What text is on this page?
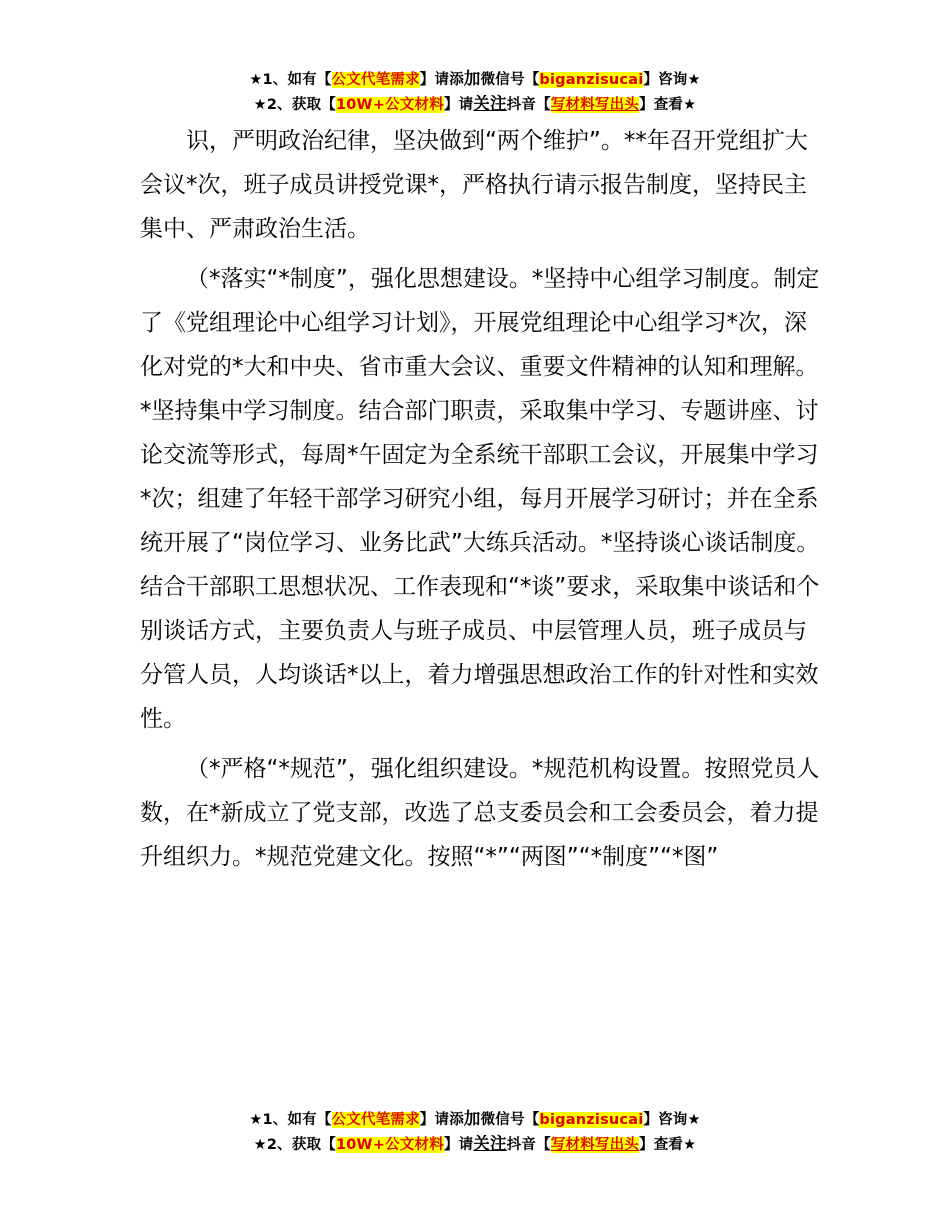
★1、如有【公文代笔需求】请添加微信号【biganzisucai】咨询★
★2、获取【10W+公文材料】请关注抖音【写材料写出头】查看★

识，严明政治纪律，坚决做到“两个维护”。**年召开党组扩大会议*次，班子成员讲授党课*，严格执行请示报告制度，坚持民主集中、严肃政治生活。

（*落实“*制度”，强化思想建设。*坚持中心组学习制度。制定了《党组理论中心组学习计划》，开展党组理论中心组学习*次，深化对党的*大和中央、省市重大会议、重要文件精神的认知和理解。*坚持集中学习制度。结合部门职责，采取集中学习、专题讲座、讨论交流等形式，每周*午固定为全系统干部职工会议，开展集中学习*次；组建了年轻干部学习研究小组，每月开展学习研讨；并在全系统开展了“岗位学习、业务比武”大练兵活动。*坚持谈心谈话制度。结合干部职工思想状况、工作表现和“*谈”要求，采取集中谈话和个别谈话方式，主要负责人与班子成员、中层管理人员，班子成员与分管人员，人均谈话*以上，着力增强思想政治工作的针对性和实效性。

（*严格“*规范”，强化组织建设。*规范机构设置。按照党员人数，在*新成立了党支部，改选了总支委员会和工会委员会，着力提升组织力。*规范党建文化。按照“*”“两图”“*制度”“*图”

★1、如有【公文代笔需求】请添加微信号【biganzisucai】咨询★
★2、获取【10W+公文材料】请关注抖音【写材料写出头】查看★
